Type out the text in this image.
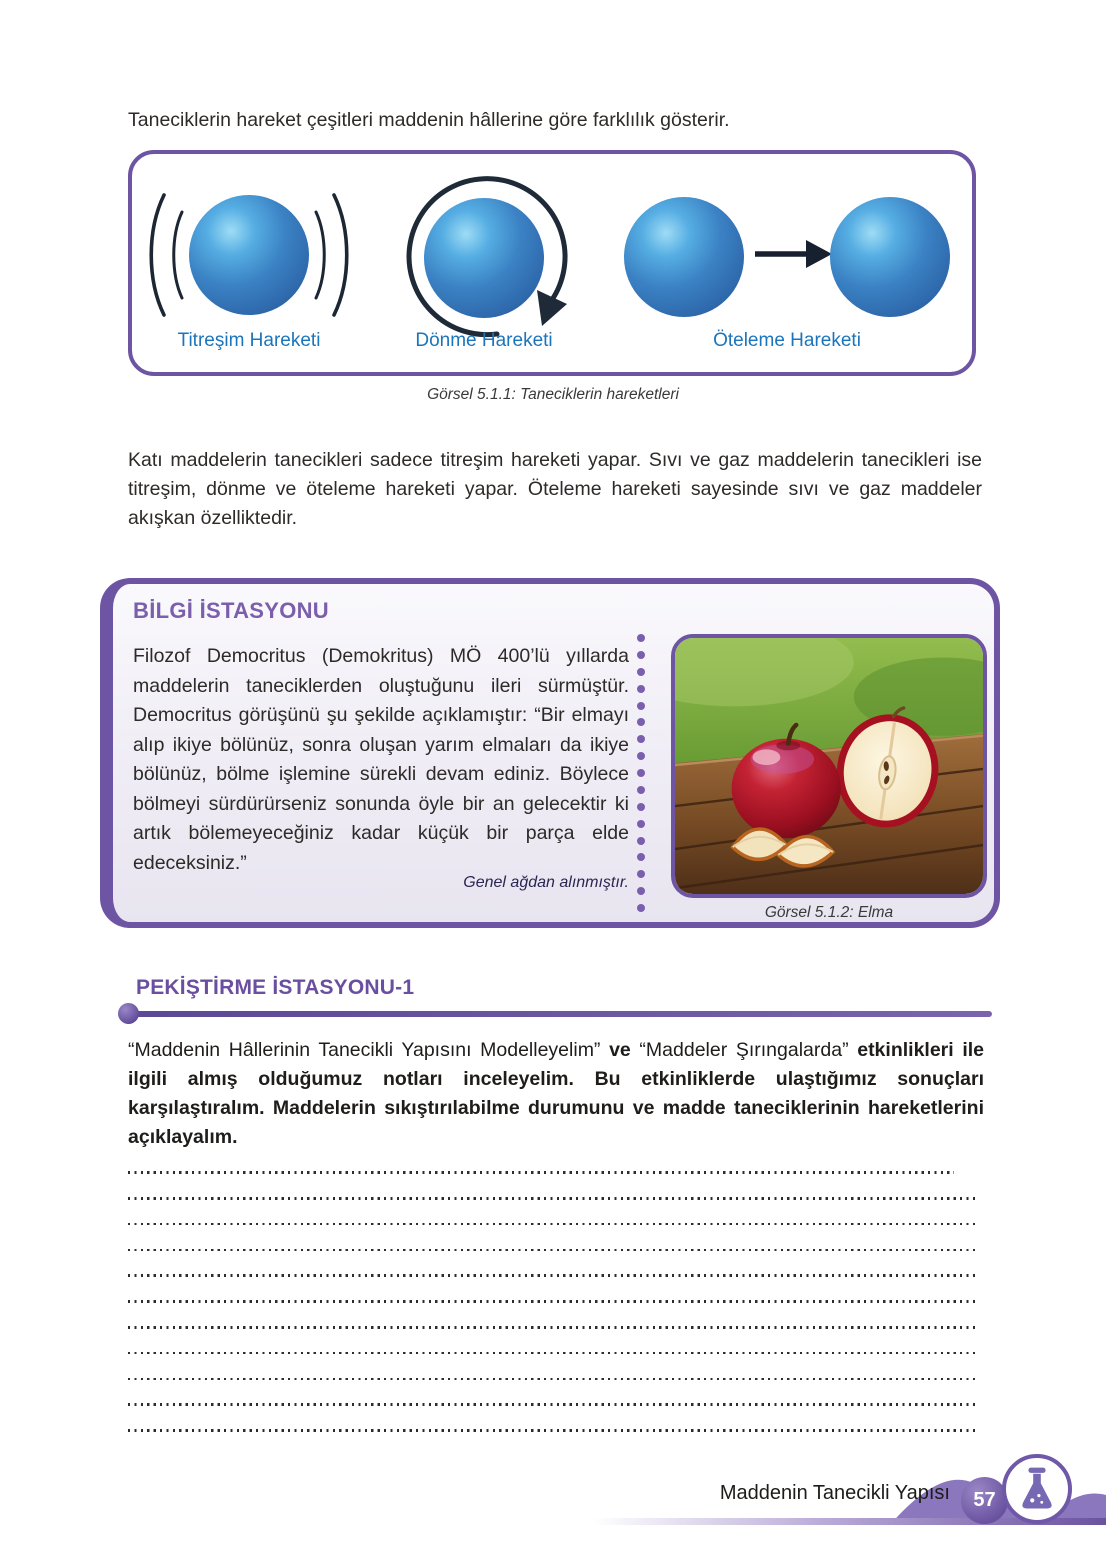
Taneciklerin hareket çeşitleri maddenin hâllerine göre farklılık gösterir.
Titreşim Hareketi	Dönme Hareketi	Öteleme Hareketi
Görsel 5.1.1: Taneciklerin hareketleri
Katı maddelerin tanecikleri sadece titreşim hareketi yapar. Sıvı ve gaz maddelerin tanecikleri ise titreşim, dönme ve öteleme hareketi yapar. Öteleme hareketi sayesinde sıvı ve gaz maddeler akışkan özelliktedir.
BİLGİ İSTASYONU
Filozof Democritus (Demokritus) MÖ 400’lü yıllarda maddelerin taneciklerden oluştuğunu ileri sürmüştür. Democritus görüşünü şu şekilde açıklamıştır: “Bir elmayı alıp ikiye bölünüz, sonra oluşan yarım elmaları da ikiye bölünüz, bölme işlemine sürekli devam ediniz. Böylece bölmeyi sürdürürseniz sonunda öyle bir an gelecektir ki artık bölemeyeceğiniz kadar küçük bir parça elde edeceksiniz.”
Genel ağdan alınmıştır.
Görsel 5.1.2: Elma
PEKİŞTİRME İSTASYONU-1
“Maddenin Hâllerinin Tanecikli Yapısını Modelleyelim” ve “Maddeler Şırıngalarda” etkinlikleri ile ilgili almış olduğumuz notları inceleyelim. Bu etkinliklerde ulaştığımız sonuçları karşılaştıralım. Maddelerin sıkıştırılabilme durumunu ve madde taneciklerinin hareketlerini açıklayalım.
Maddenin Tanecikli Yapısı 57
